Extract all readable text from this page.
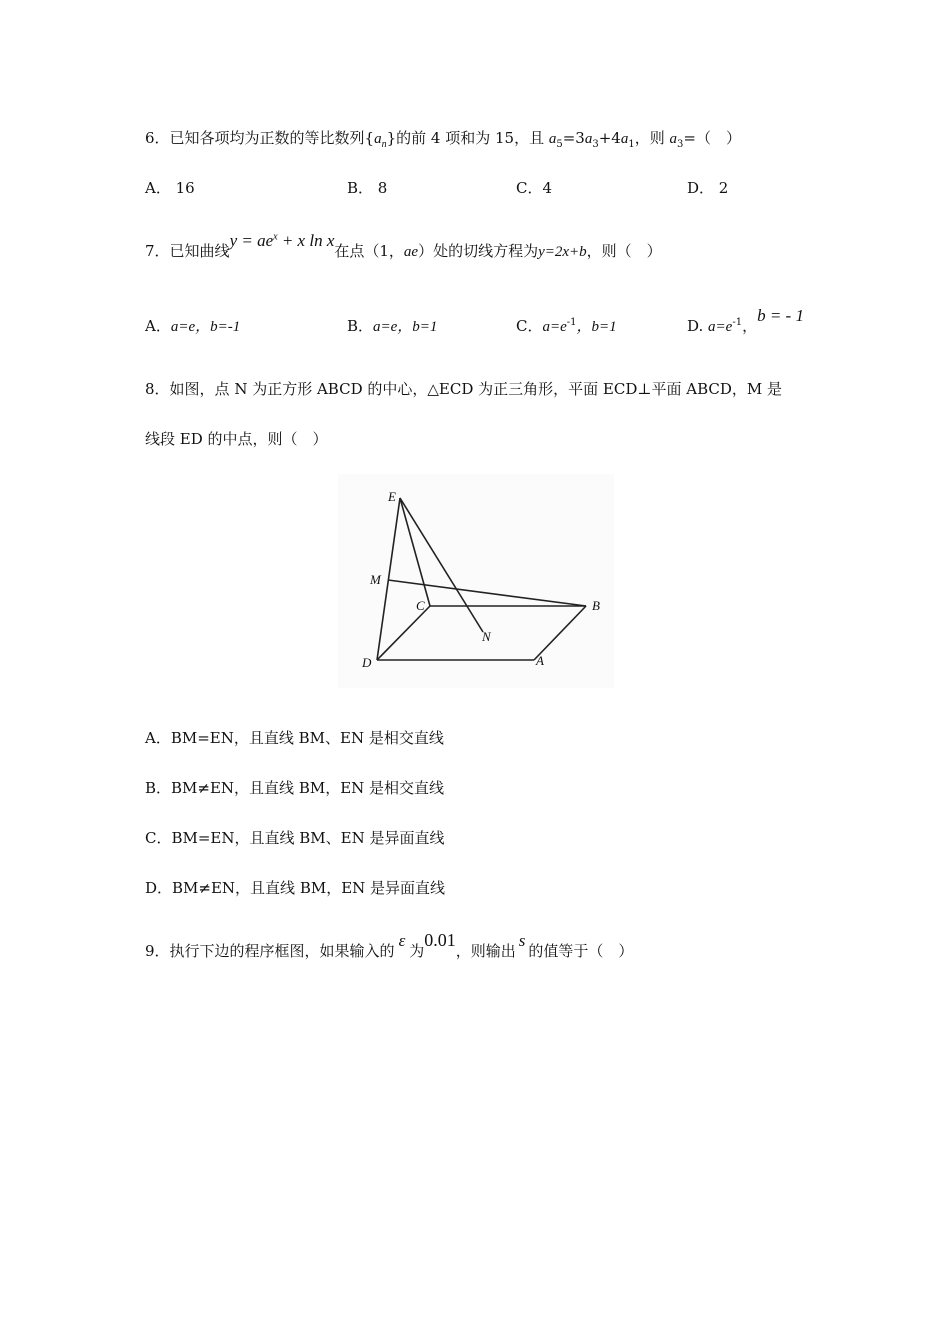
6．已知各项均为正数的等比数列$\{a_n\}$的前 4 项和为 15，且 $a_5=3a_3+4a_1$，则 $a_3=$（　）
A． 16	B． 8	C．4	D． 2
7．已知曲线$y = ae^x + x$ ln x在点（1，ae）处的切线方程为y=2x+b，则（　）
A．a=e，b=-1	B．a=e，b=1	C．$a=e^{-1}$，b=1	D. $a=e^{-1}$，b = - 1
8．如图，点 N 为正方形 ABCD 的中心，△ECD 为正三角形，平面 ECD⊥平面 ABCD，M 是
线段 ED 的中点，则（　）
E
M
C	B
N
D	A
A．BM=EN，且直线 BM、EN 是相交直线
B．BM≠EN，且直线 BM，EN 是相交直线
C．BM=EN，且直线 BM、EN 是异面直线
D．BM≠EN，且直线 BM，EN 是异面直线
9．执行下边的程序框图，如果输入的ε为0.01，则输出s的值等于（　）
